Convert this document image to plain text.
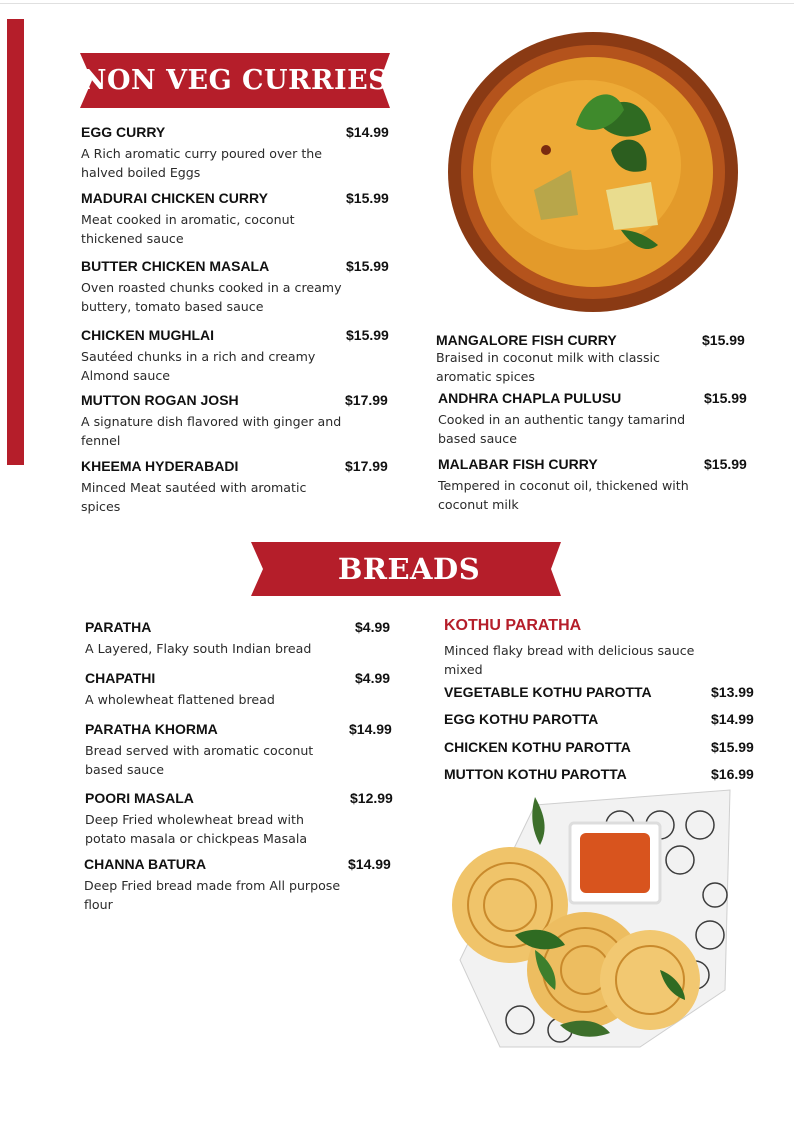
NON VEG CURRIES
EGG CURRY	$14.99
A Rich aromatic curry poured over the halved boiled Eggs
MADURAI CHICKEN CURRY	$15.99
Meat cooked in aromatic, coconut thickened sauce
BUTTER CHICKEN MASALA	$15.99
Oven roasted chunks cooked in a creamy buttery, tomato based sauce
CHICKEN MUGHLAI	$15.99
Sautéed chunks in a rich and creamy Almond sauce
MUTTON ROGAN JOSH	$17.99
A signature dish flavored with ginger and fennel
KHEEMA HYDERABADI	$17.99
Minced Meat sautéed with aromatic spices
MANGALORE FISH CURRY	$15.99
Braised in coconut milk with classic aromatic spices
ANDHRA CHAPLA PULUSU	$15.99
Cooked in an authentic tangy tamarind based sauce
MALABAR FISH CURRY	$15.99
Tempered in coconut oil, thickened with coconut milk
BREADS
PARATHA	$4.99
A Layered, Flaky south Indian bread
CHAPATHI	$4.99
A wholewheat flattened bread
PARATHA KHORMA	$14.99
Bread served with aromatic coconut based sauce
POORI MASALA	$12.99
Deep Fried wholewheat bread with potato masala or chickpeas Masala
CHANNA BATURA	$14.99
Deep Fried bread made from All purpose flour
KOTHU PARATHA
Minced flaky bread with delicious sauce mixed
VEGETABLE KOTHU PAROTTA	$13.99
EGG KOTHU PAROTTA	$14.99
CHICKEN KOTHU PAROTTA	$15.99
MUTTON KOTHU PAROTTA	$16.99
